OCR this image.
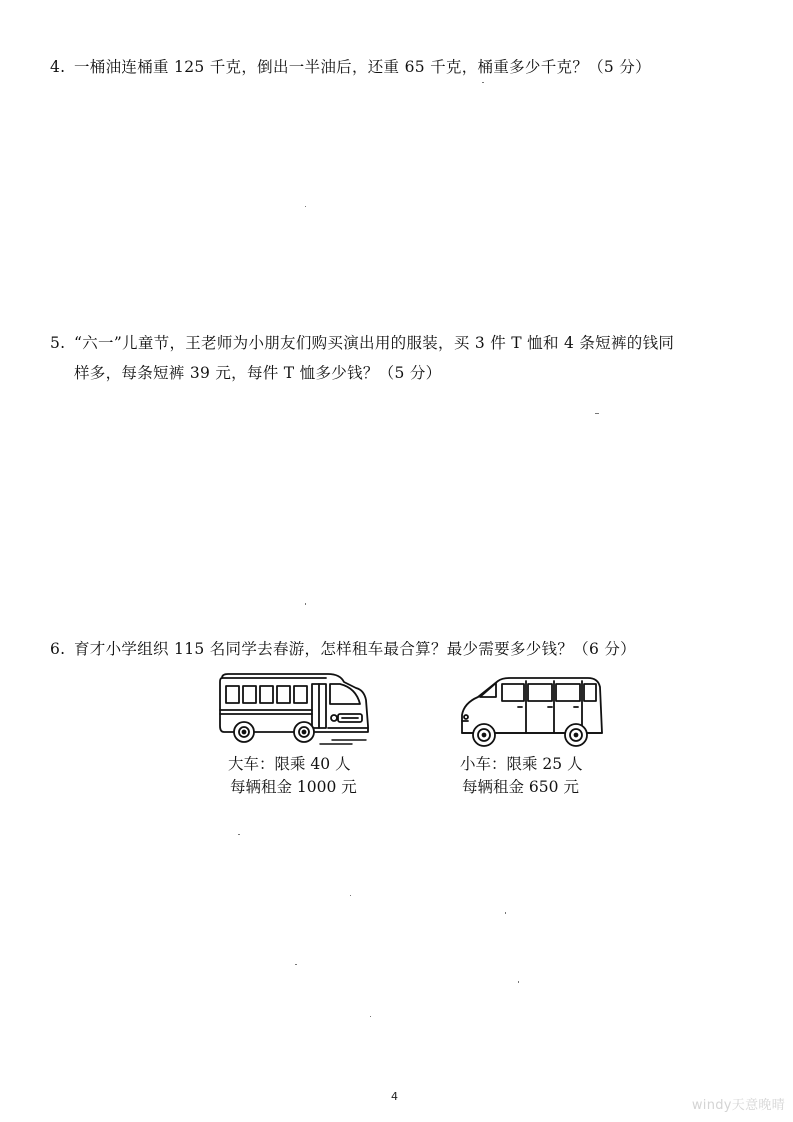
4. 一桶油连桶重 125 千克，倒出一半油后，还重 65 千克，桶重多少千克？（5 分）
5. “六一”儿童节，王老师为小朋友们购买演出用的服装，买 3 件 T 恤和 4 条短裤的钱同
样多，每条短裤 39 元，每件 T 恤多少钱？（5 分）
6. 育才小学组织 115 名同学去春游，怎样租车最合算？最少需要多少钱？（6 分）
大车：限乘 40 人
每辆租金 1000 元
小车：限乘 25 人
每辆租金 650 元
4
windy天意晚晴
